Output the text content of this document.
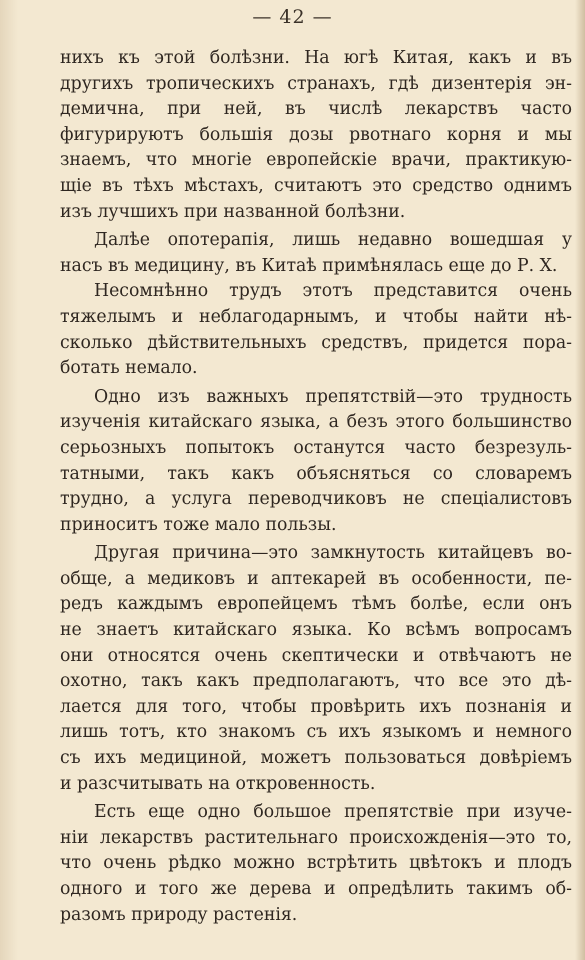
— 42 —
нихъ къ этой болѣзни. На югѣ Китая, какъ и въ
другихъ тропическихъ странахъ, гдѣ дизентерія эн-
демична, при ней, въ числѣ лекарствъ часто
фигурируютъ большія дозы рвотнаго корня и мы
знаемъ, что многіе европейскіе врачи, практикую-
щіе въ тѣхъ мѣстахъ, считаютъ это средство однимъ
изъ лучшихъ при названной болѣзни.
Далѣе опотерапія, лишь недавно вошедшая у
насъ въ медицину, въ Китаѣ примѣнялась еще до Р. Х.
Несомнѣнно трудъ этотъ представится очень
тяжелымъ и неблагодарнымъ, и чтобы найти нѣ-
сколько дѣйствительныхъ средствъ, придется пора-
ботать немало.
Одно изъ важныхъ препятствій—это трудность
изученія китайскаго языка, а безъ этого большинство
серьозныхъ попытокъ останутся часто безрезуль-
татными, такъ какъ объясняться со словаремъ
трудно, а услуга переводчиковъ не спеціалистовъ
приноситъ тоже мало пользы.
Другая причина—это замкнутость китайцевъ во-
обще, а медиковъ и аптекарей въ особенности, пе-
редъ каждымъ европейцемъ тѣмъ болѣе, если онъ
не знаетъ китайскаго языка. Ко всѣмъ вопросамъ
они относятся очень скептически и отвѣчаютъ не
охотно, такъ какъ предполагаютъ, что все это дѣ-
лается для того, чтобы провѣрить ихъ познанія и
лишь тотъ, кто знакомъ съ ихъ языкомъ и немного
съ ихъ медициной, можетъ пользоваться довѣріемъ
и разсчитывать на откровенность.
Есть еще одно большое препятствіе при изуче-
ніи лекарствъ растительнаго происхожденія—это то,
что очень рѣдко можно встрѣтить цвѣтокъ и плодъ
одного и того же дерева и опредѣлить такимъ об-
разомъ природу растенія.
